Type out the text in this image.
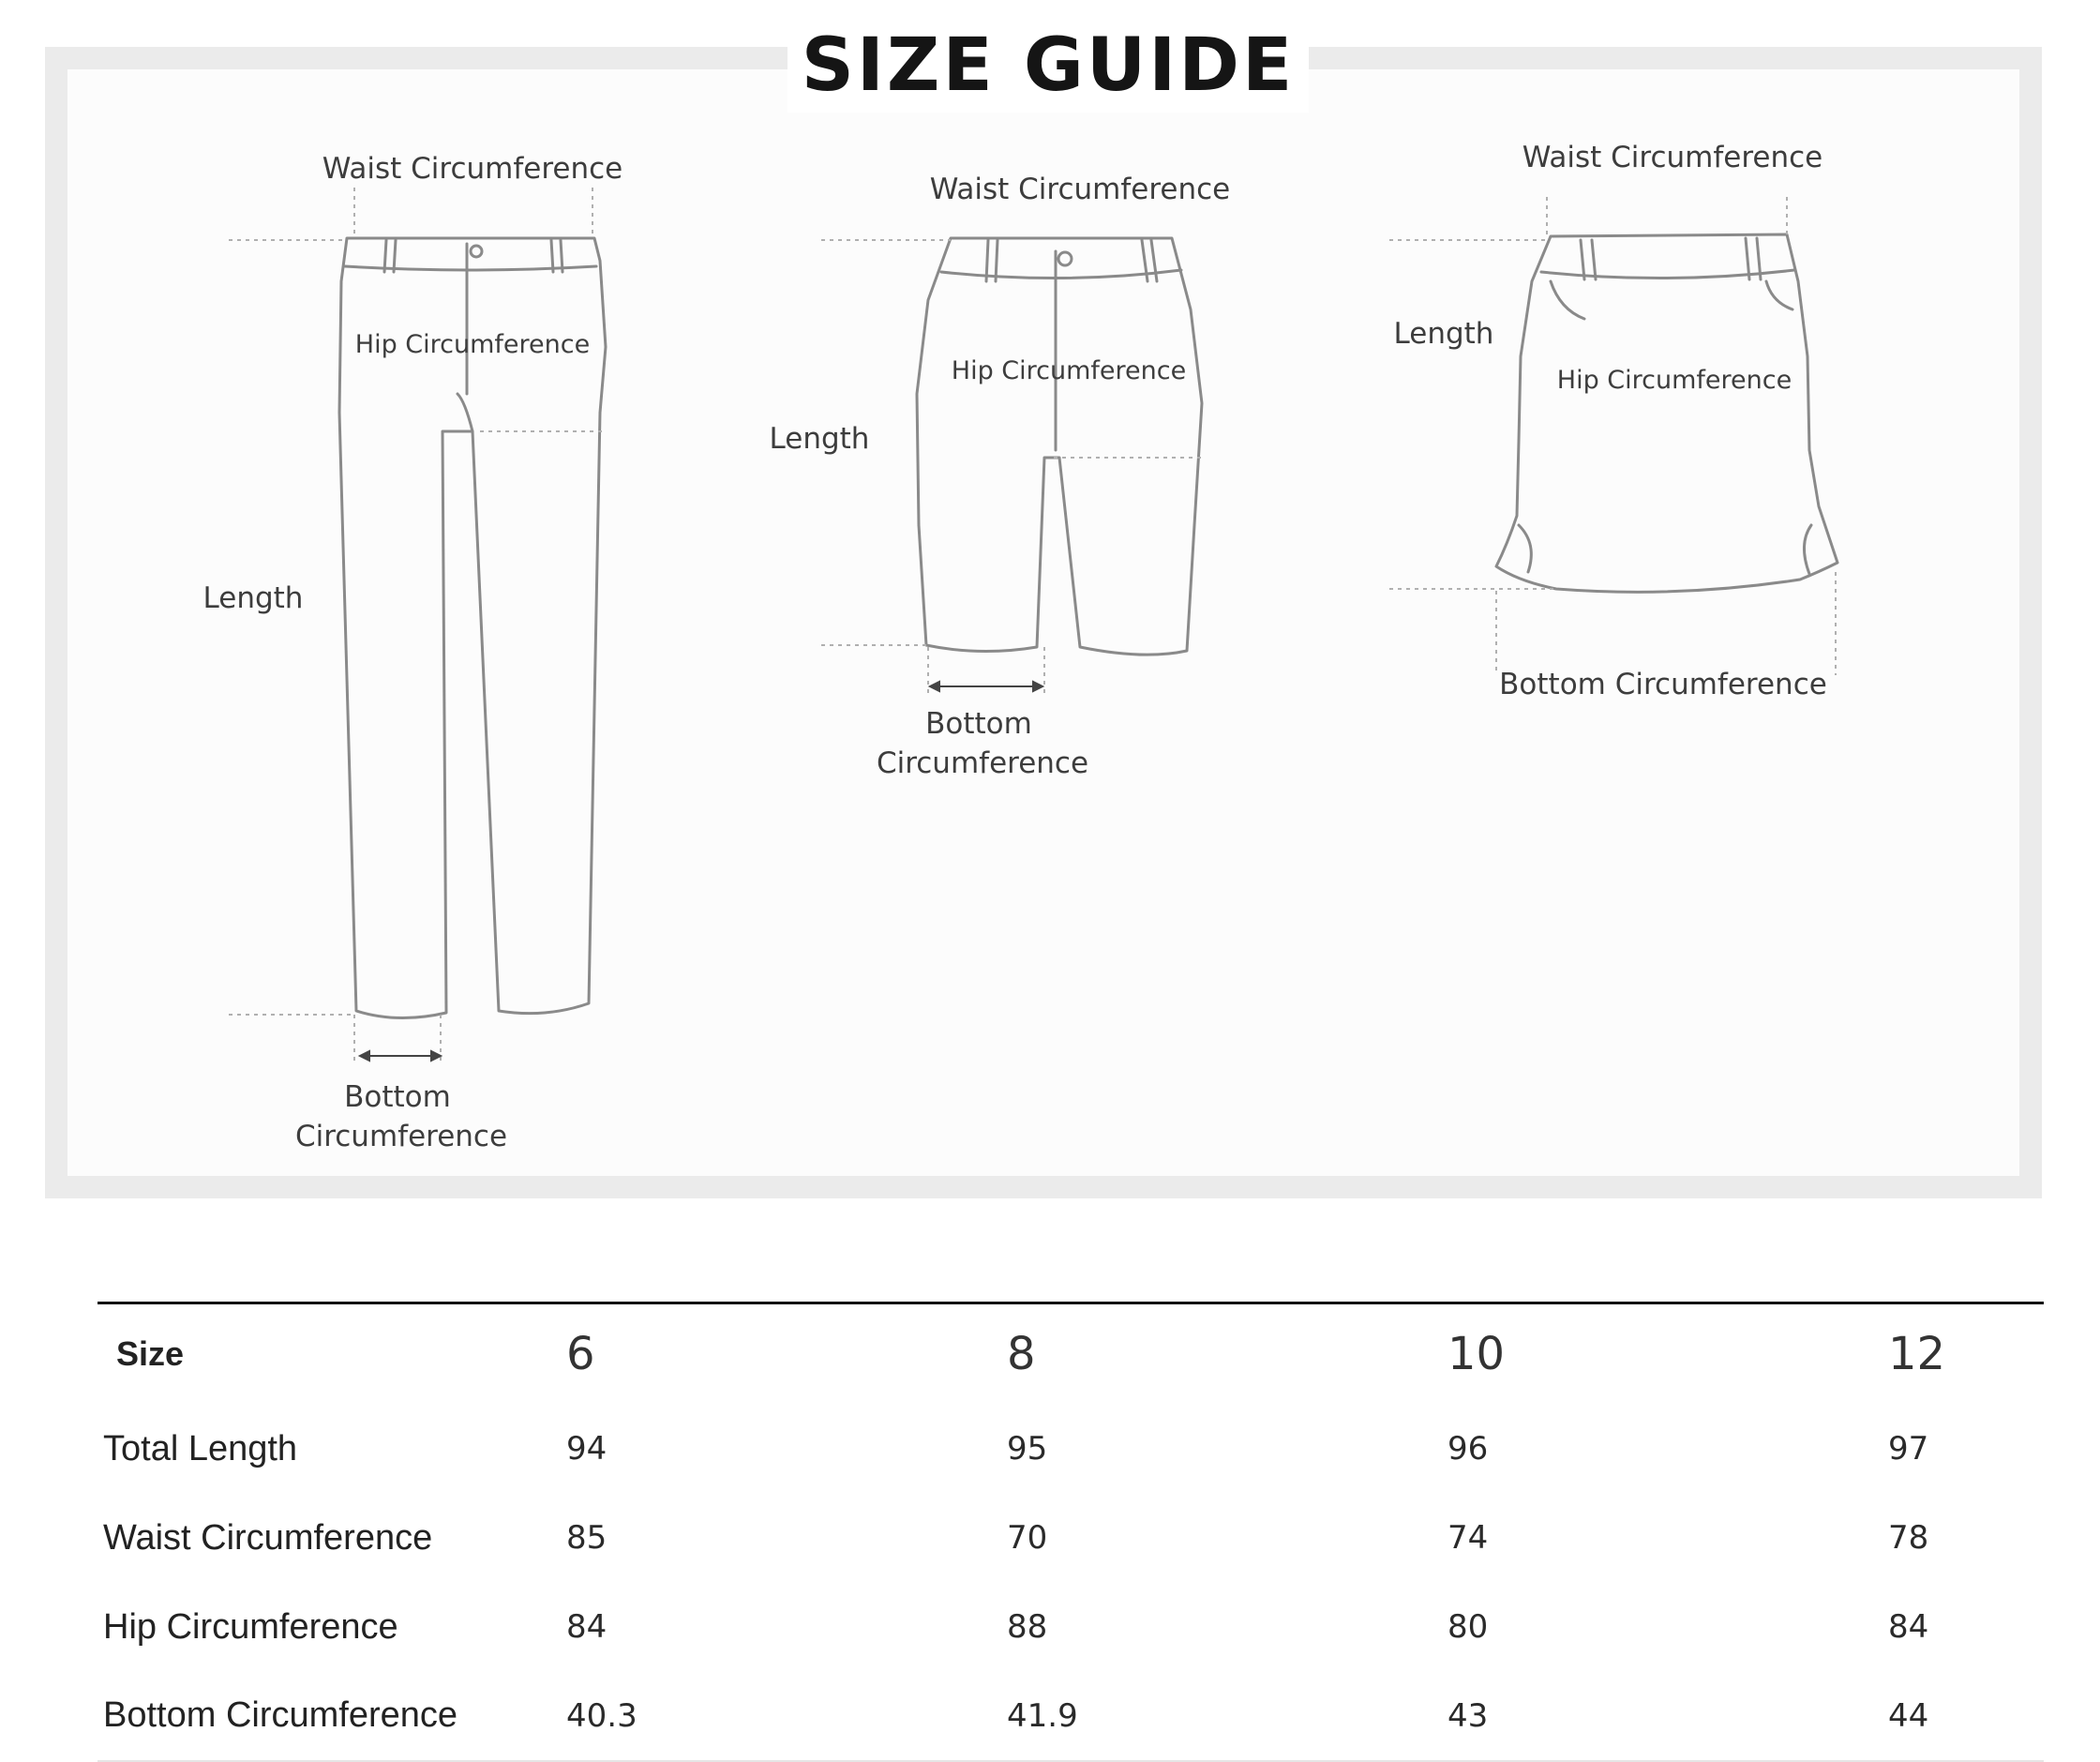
Waist Circumference
Hip Circumference
Length
Bottom
Circumference
Waist Circumference
Hip Circumference
Length
Bottom
Circumference
Waist Circumference
Length
Hip Circumference
Bottom Circumference
SIZE GUIDE
Size	6	8	10	12
Total Length	94	95	96	97
Waist Circumference	85	70	74	78
Hip Circumference	84	88	80	84
Bottom Circumference	40.3	41.9	43	44
